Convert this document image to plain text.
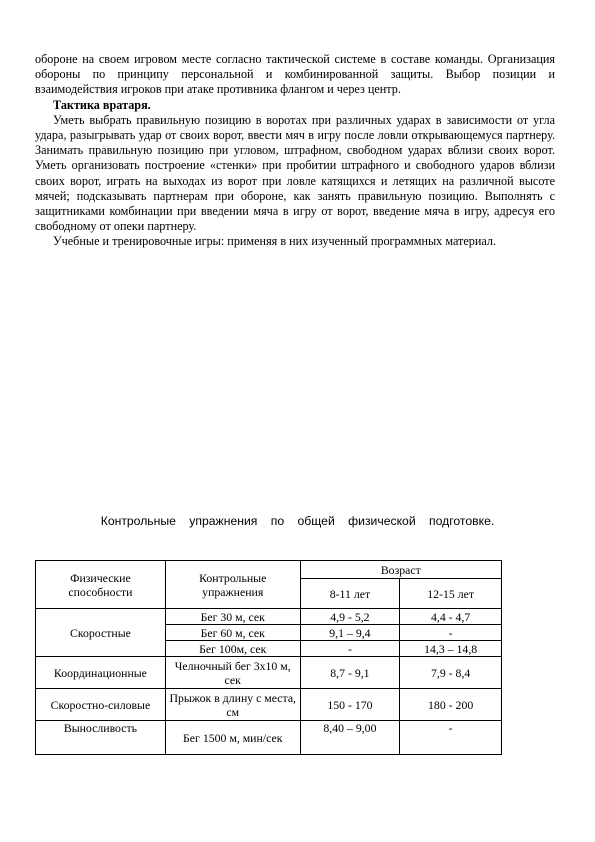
обороне на своем игровом месте согласно тактической системе в составе команды. Организация обороны по принципу персональной и комбинированной защиты. Выбор позиции и взаимодействия игроков при атаке противника флангом и через центр.

Тактика вратаря.

Уметь выбрать правильную позицию в воротах при различных ударах в зависимости от угла удара, разыгрывать удар от своих ворот, ввести мяч в игру после ловли открывающемуся партнеру. Занимать правильную позицию при угловом, штрафном, свободном ударах вблизи своих ворот. Уметь организовать построение «стенки» при пробитии штрафного и свободного ударов вблизи своих ворот, играть на выходах из ворот при ловле катящихся и летящих на различной высоте мячей; подсказывать партнерам при обороне, как занять правильную позицию. Выполнять с защитниками комбинации при введении мяча в игру от ворот, введение мяча в игру, адресуя его свободному от опеки партнеру.

Учебные и тренировочные игры: применяя в них изученный программных материал.

Контрольные упражнения по общей физической подготовке.
Физические способности	Контрольные упражнения	Возраст	
		8-11 лет	12-15 лет
Скоростные	Бег 30 м, сек	4,9 - 5,2	4,4 - 4,7
	Бег 60 м, сек	9,1 – 9,4	-
	Бег 100м, сек	-	14,3 – 14,8
Координационные	Челночный бег 3х10 м, сек	8,7 - 9,1	7,9 - 8,4
Скоростно-силовые	Прыжок в длину с места, см	150 - 170	180 - 200
Выносливость	Бег 1500 м, мин/сек	8,40 – 9,00	-
